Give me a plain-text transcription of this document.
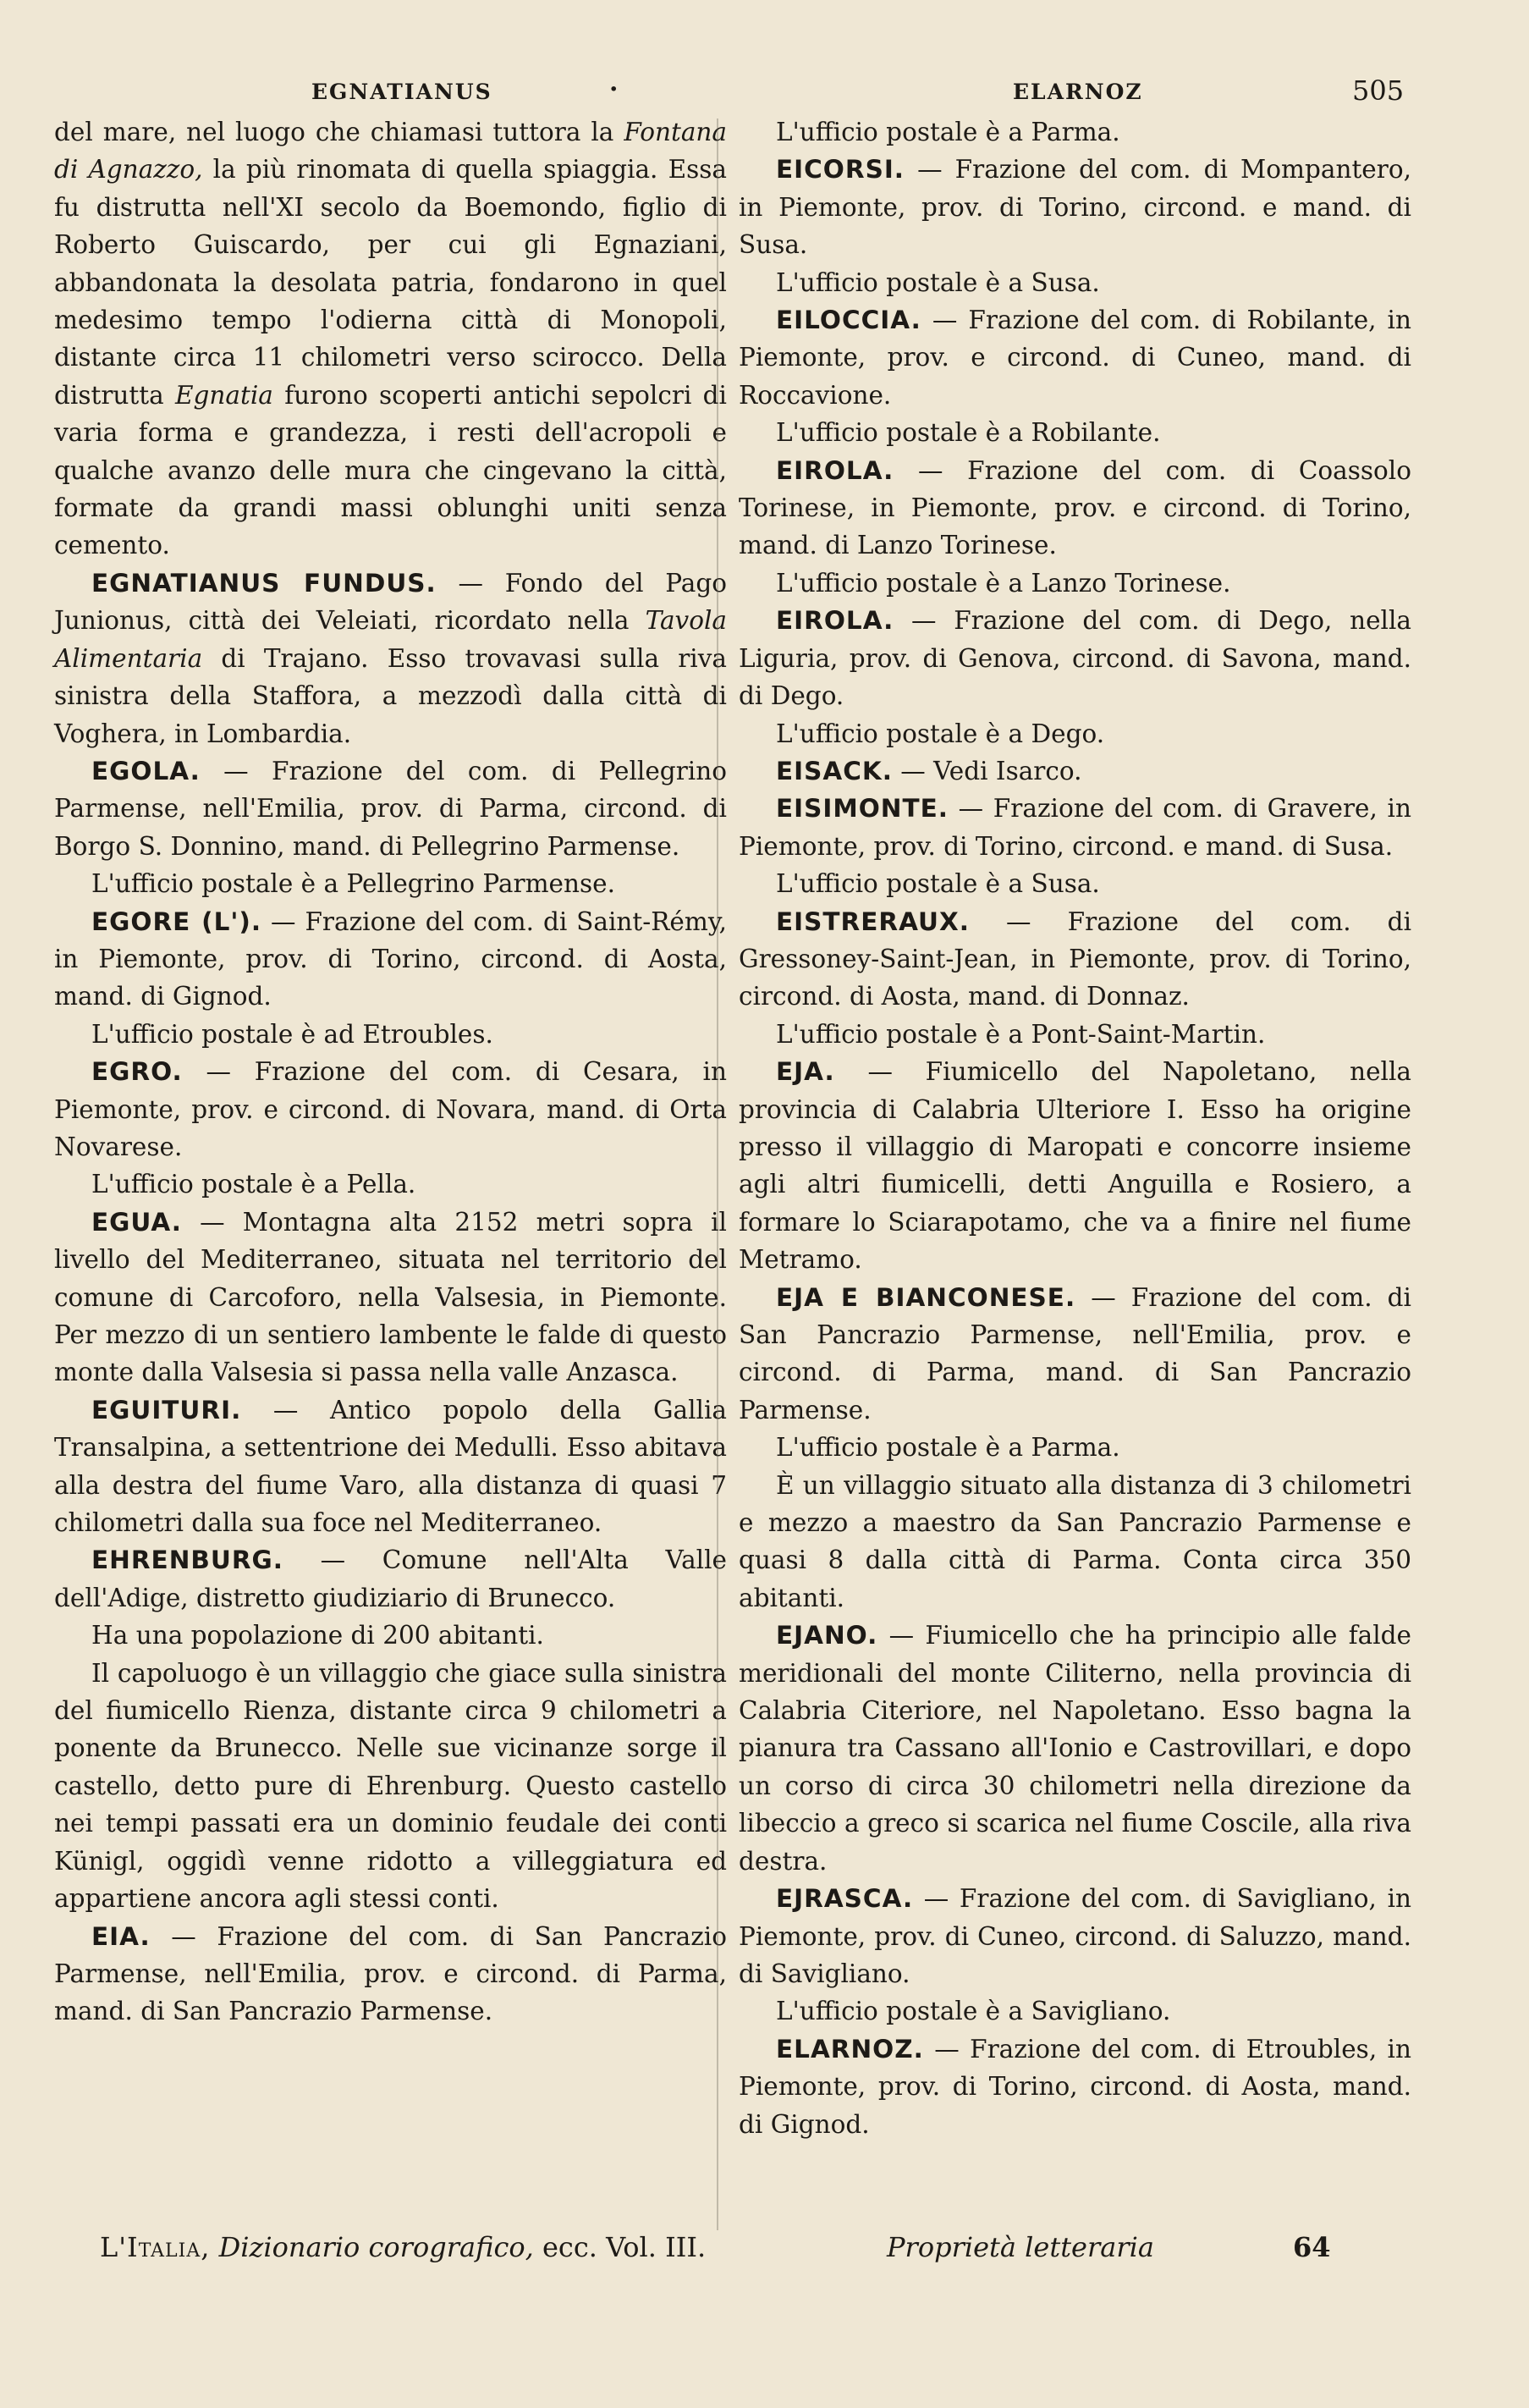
EGNATIANUS	·	ELARNOZ	505

del mare, nel luogo che chiamasi tuttora la Fontana di Agnazzo, la più rinomata di quella spiaggia. Essa fu distrutta nell'XI secolo da Boemondo, figlio di Roberto Guiscardo, per cui gli Egnaziani, abbandonata la desolata patria, fondarono in quel medesimo tempo l'odierna città di Monopoli, distante circa 11 chilometri verso scirocco. Della distrutta Egnatia furono scoperti antichi sepolcri di varia forma e grandezza, i resti dell'acropoli e qualche avanzo delle mura che cingevano la città, formate da grandi massi oblunghi uniti senza cemento.

EGNATIANUS FUNDUS. — Fondo del Pago Junionus, città dei Veleiati, ricordato nella Tavola Alimentaria di Trajano. Esso trovavasi sulla riva sinistra della Staffora, a mezzodì dalla città di Voghera, in Lombardia.

EGOLA. — Frazione del com. di Pellegrino Parmense, nell'Emilia, prov. di Parma, circond. di Borgo S. Donnino, mand. di Pellegrino Parmense.

L'ufficio postale è a Pellegrino Parmense.

EGORE (L'). — Frazione del com. di Saint-Rémy, in Piemonte, prov. di Torino, circond. di Aosta, mand. di Gignod.

L'ufficio postale è ad Etroubles.

EGRO. — Frazione del com. di Cesara, in Piemonte, prov. e circond. di Novara, mand. di Orta Novarese.

L'ufficio postale è a Pella.

EGUA. — Montagna alta 2152 metri sopra il livello del Mediterraneo, situata nel territorio del comune di Carcoforo, nella Valsesia, in Piemonte. Per mezzo di un sentiero lambente le falde di questo monte dalla Valsesia si passa nella valle Anzasca.

EGUITURI. — Antico popolo della Gallia Transalpina, a settentrione dei Medulli. Esso abitava alla destra del fiume Varo, alla distanza di quasi 7 chilometri dalla sua foce nel Mediterraneo.

EHRENBURG. — Comune nell'Alta Valle dell'Adige, distretto giudiziario di Brunecco.

Ha una popolazione di 200 abitanti.

Il capoluogo è un villaggio che giace sulla sinistra del fiumicello Rienza, distante circa 9 chilometri a ponente da Brunecco. Nelle sue vicinanze sorge il castello, detto pure di Ehrenburg. Questo castello nei tempi passati era un dominio feudale dei conti Künigl, oggidì venne ridotto a villeggiatura ed appartiene ancora agli stessi conti.

EIA. — Frazione del com. di San Pancrazio Parmense, nell'Emilia, prov. e circond. di Parma, mand. di San Pancrazio Parmense.

L'ufficio postale è a Parma.

EICORSI. — Frazione del com. di Mompantero, in Piemonte, prov. di Torino, circond. e mand. di Susa.

L'ufficio postale è a Susa.

EILOCCIA. — Frazione del com. di Robilante, in Piemonte, prov. e circond. di Cuneo, mand. di Roccavione.

L'ufficio postale è a Robilante.

EIROLA. — Frazione del com. di Coassolo Torinese, in Piemonte, prov. e circond. di Torino, mand. di Lanzo Torinese.

L'ufficio postale è a Lanzo Torinese.

EIROLA. — Frazione del com. di Dego, nella Liguria, prov. di Genova, circond. di Savona, mand. di Dego.

L'ufficio postale è a Dego.

EISACK. — Vedi Isarco.

EISIMONTE. — Frazione del com. di Gravere, in Piemonte, prov. di Torino, circond. e mand. di Susa.

L'ufficio postale è a Susa.

EISTRERAUX. — Frazione del com. di Gressoney-Saint-Jean, in Piemonte, prov. di Torino, circond. di Aosta, mand. di Donnaz.

L'ufficio postale è a Pont-Saint-Martin.

EJA. — Fiumicello del Napoletano, nella provincia di Calabria Ulteriore I. Esso ha origine presso il villaggio di Maropati e concorre insieme agli altri fiumicelli, detti Anguilla e Rosiero, a formare lo Sciarapotamo, che va a finire nel fiume Metramo.

EJA E BIANCONESE. — Frazione del com. di San Pancrazio Parmense, nell'Emilia, prov. e circond. di Parma, mand. di San Pancrazio Parmense.

L'ufficio postale è a Parma.

È un villaggio situato alla distanza di 3 chilometri e mezzo a maestro da San Pancrazio Parmense e quasi 8 dalla città di Parma. Conta circa 350 abitanti.

EJANO. — Fiumicello che ha principio alle falde meridionali del monte Ciliterno, nella provincia di Calabria Citeriore, nel Napoletano. Esso bagna la pianura tra Cassano all'Ionio e Castrovillari, e dopo un corso di circa 30 chilometri nella direzione da libeccio a greco si scarica nel fiume Coscile, alla riva destra.

EJRASCA. — Frazione del com. di Savigliano, in Piemonte, prov. di Cuneo, circond. di Saluzzo, mand. di Savigliano.

L'ufficio postale è a Savigliano.

ELARNOZ. — Frazione del com. di Etroubles, in Piemonte, prov. di Torino, circond. di Aosta, mand. di Gignod.

L'Italia, Dizionario corografico, ecc. Vol. III.	Proprietà letteraria	64
